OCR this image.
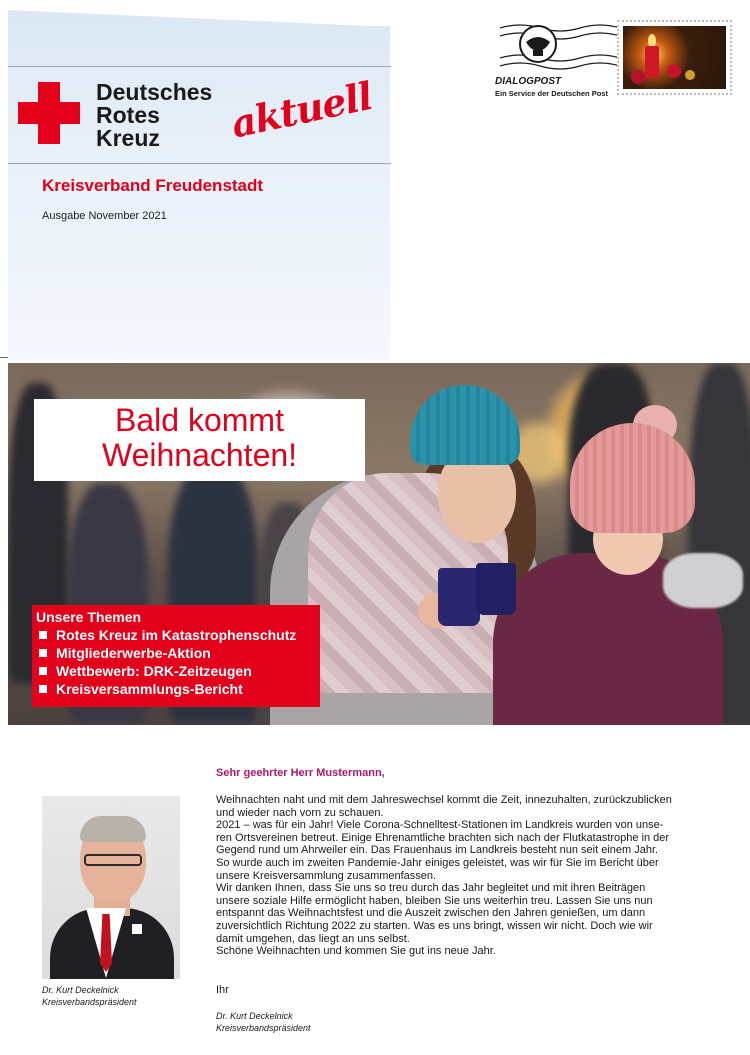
Deutsches
Rotes
Kreuz aktuell
Kreisverband Freudenstadt
Ausgabe November 2021
DIALOGPOST
Ein Service der Deutschen Post
Bald kommt
Weihnachten!
Unsere Themen
Rotes Kreuz im Katastrophenschutz
Mitgliederwerbe-Aktion
Wettbewerb: DRK-Zeitzeugen
Kreisversammlungs-Bericht
Dr. Kurt Deckelnick
Kreisverbandspräsident
Sehr geehrter Herr Mustermann,

Weihnachten naht und mit dem Jahreswechsel kommt die Zeit, innezuhalten, zurückzublicken

und wieder nach vorn zu schauen.

2021 – was für ein Jahr! Viele Corona-Schnelltest-Stationen im Landkreis wurden von unse-

ren Ortsvereinen betreut. Einige Ehrenamtliche brachten sich nach der Flutkatastrophe in der

Gegend rund um Ahrweiler ein. Das Frauenhaus im Landkreis besteht nun seit einem Jahr.

So wurde auch im zweiten Pandemie-Jahr einiges geleistet, was wir für Sie im Bericht über

unsere Kreisversammlung zusammenfassen.

Wir danken Ihnen, dass Sie uns so treu durch das Jahr begleitet und mit ihren Beiträgen

unsere soziale Hilfe ermöglicht haben, bleiben Sie uns weiterhin treu. Lassen Sie uns nun

entspannt das Weihnachtsfest und die Auszeit zwischen den Jahren genießen, um dann

zuversichtlich Richtung 2022 zu starten. Was es uns bringt, wissen wir nicht. Doch wie wir

damit umgehen, das liegt an uns selbst.

Schöne Weihnachten und kommen Sie gut ins neue Jahr.

Ihr
Dr. Kurt Deckelnick
Kreisverbandspräsident
